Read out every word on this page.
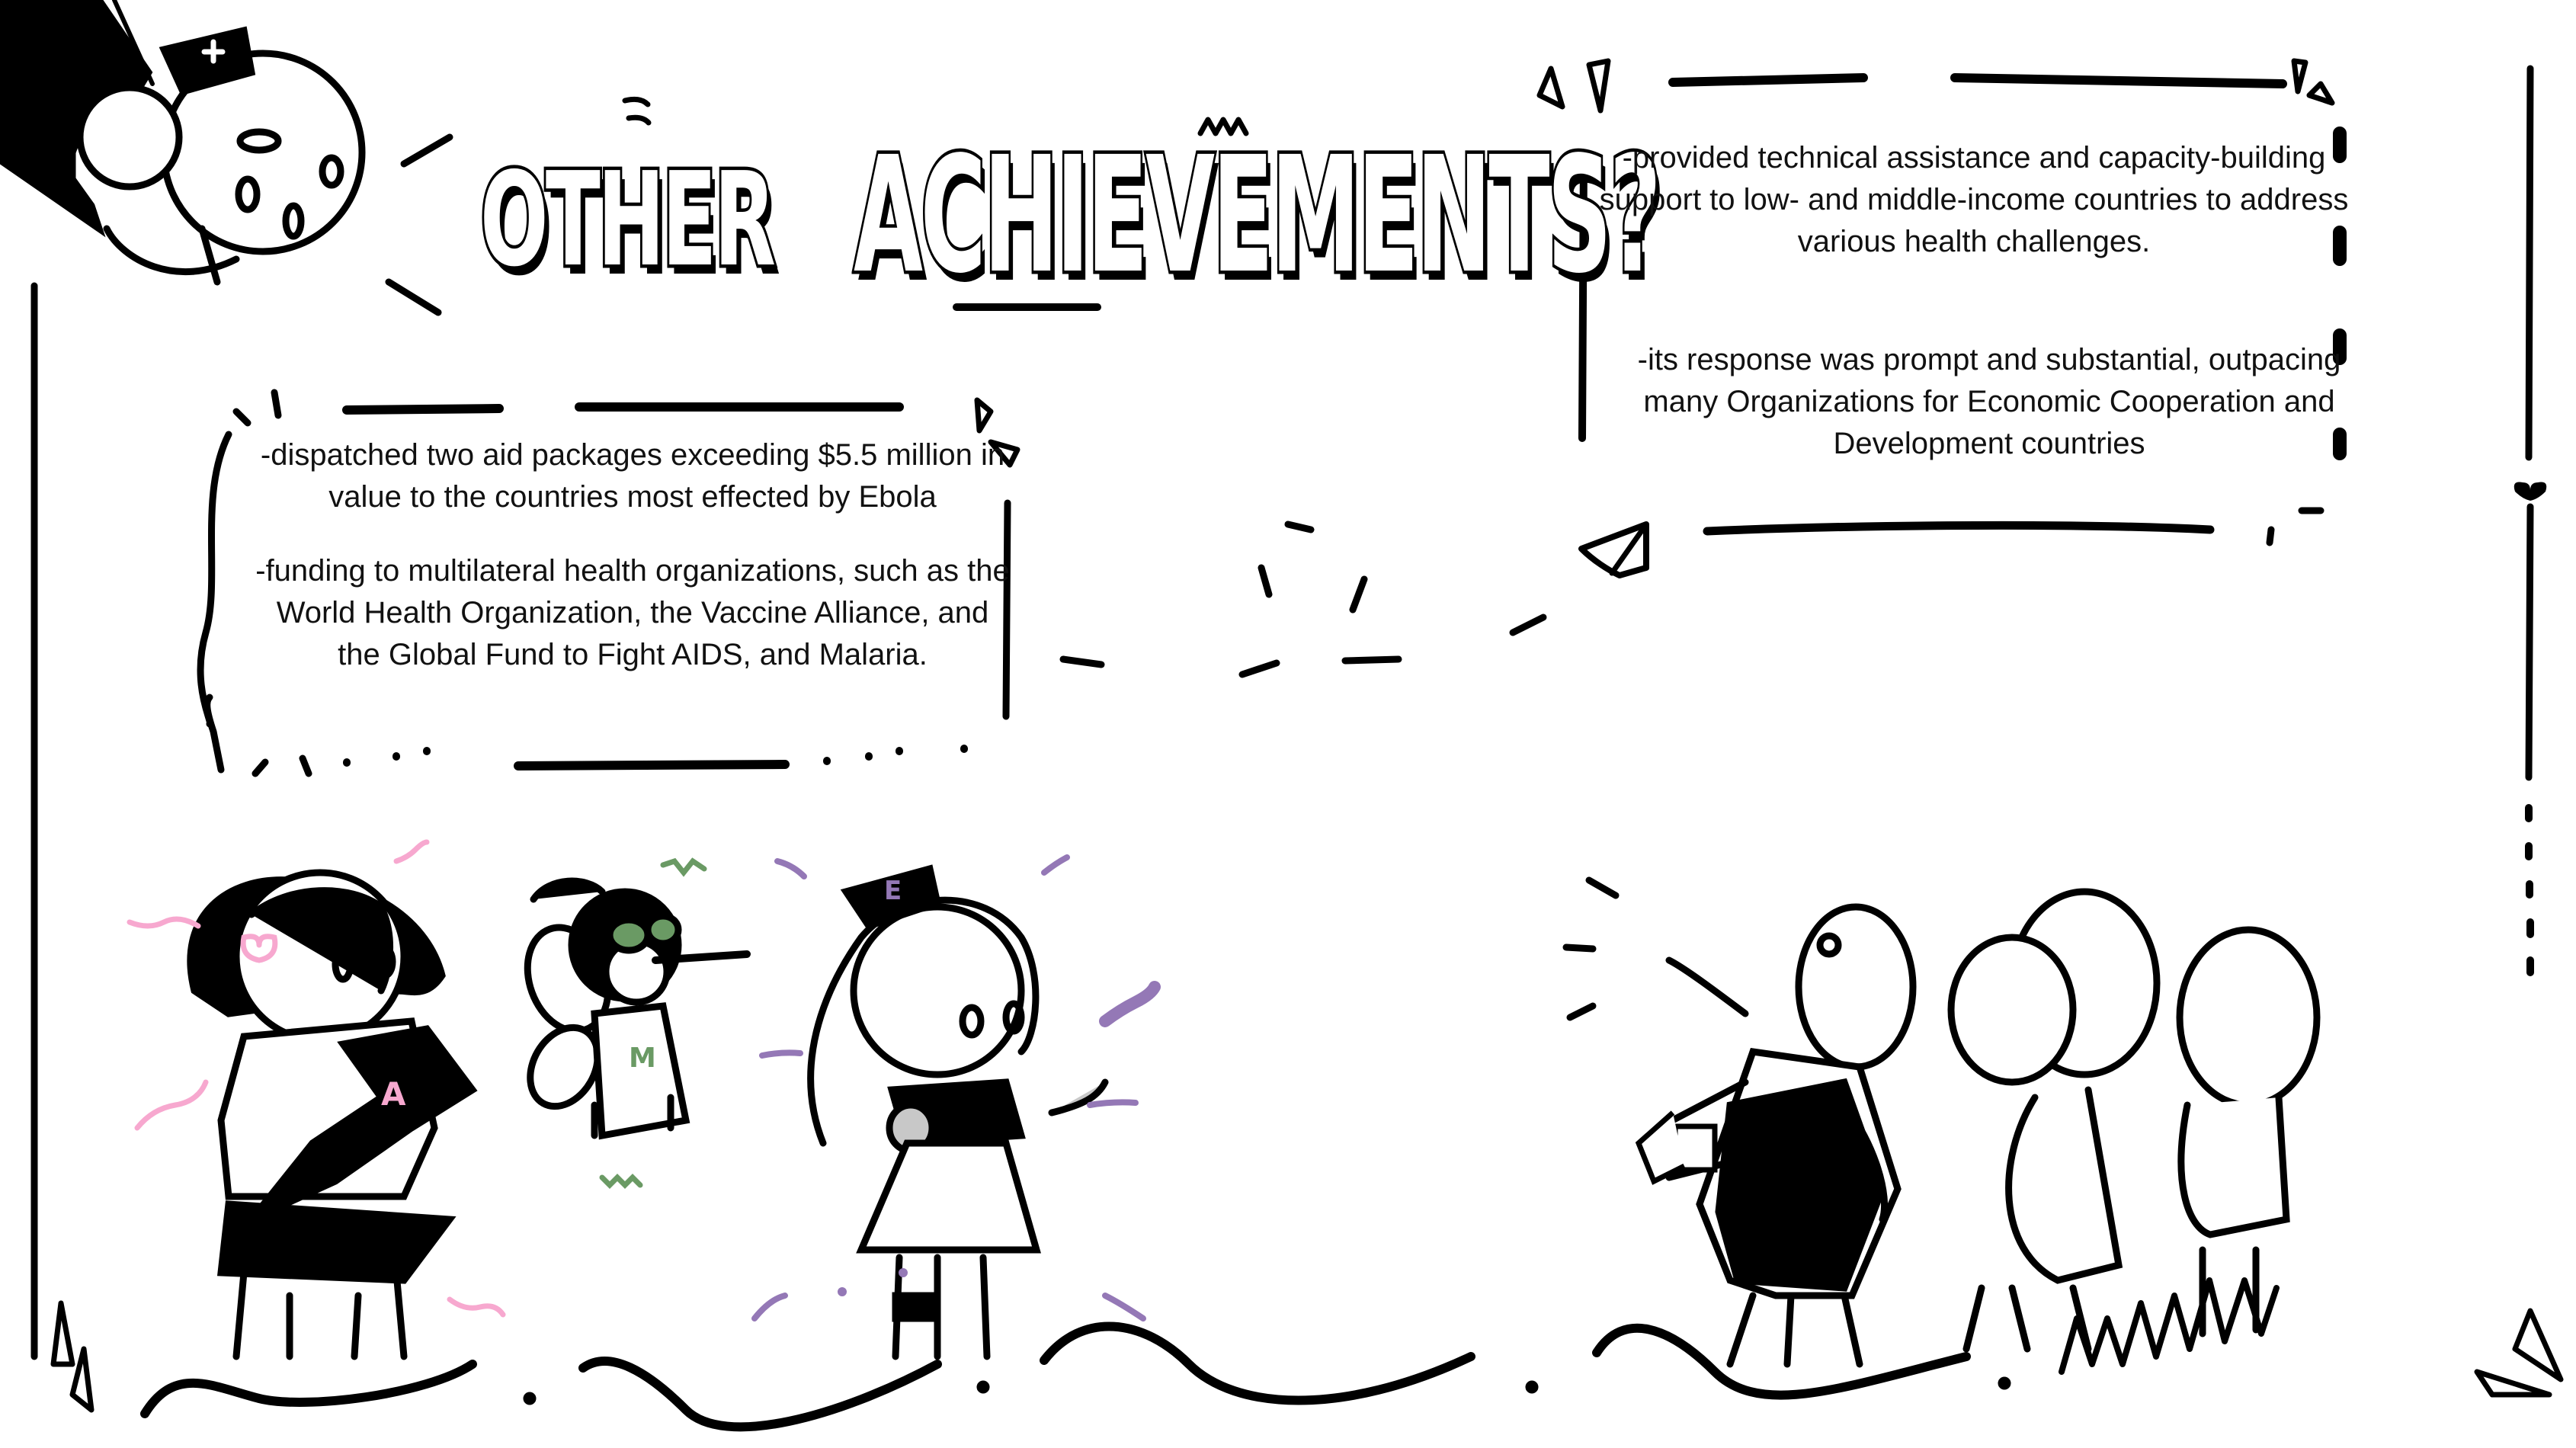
A
M
E
+
OTHER ACHIEVEMENTS?

-dispatched two aid packages exceeding $5.5 million in value to the countries most effected by Ebola

-funding to multilateral health organizations, such as the World Health Organization, the Vaccine Alliance, and the Global Fund to Fight AIDS, and Malaria.

-provided technical assistance and capacity-building support to low- and middle-income countries to address various health challenges.
-its response was prompt and substantial, outpacing many Organizations for Economic Cooperation and Development countries
